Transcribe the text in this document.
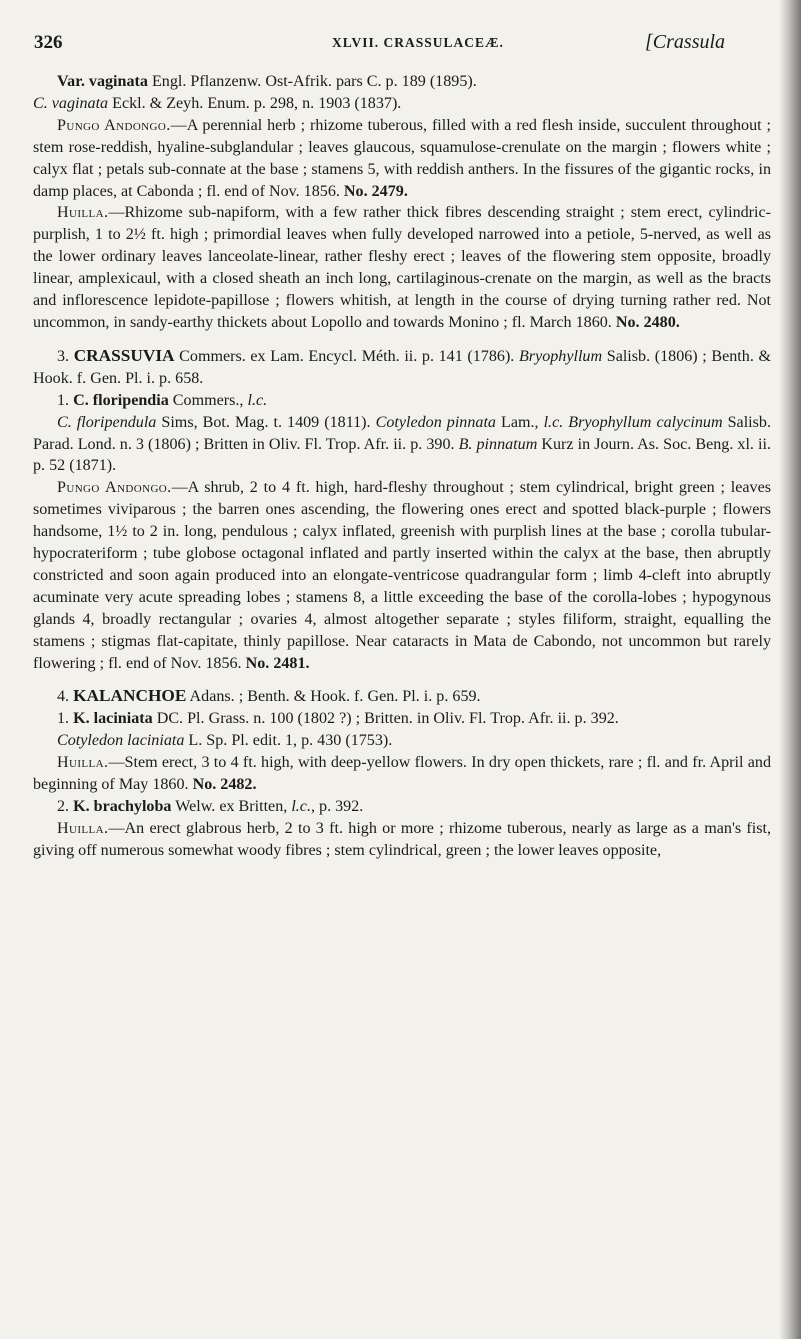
326	XLVII. CRASSULACEÆ.	[Crassula

Var. vaginata Engl. Pflanzenw. Ost-Afrik. pars C. p. 189 (1895).

C. vaginata Eckl. & Zeyh. Enum. p. 298, n. 1903 (1837).

Pungo Andongo.—A perennial herb ; rhizome tuberous, filled with a red flesh inside, succulent throughout ; stem rose-reddish, hyaline-subglandular ; leaves glaucous, squamulose-crenulate on the margin ; flowers white ; calyx flat ; petals sub-connate at the base ; stamens 5, with reddish anthers. In the fissures of the gigantic rocks, in damp places, at Cabonda ; fl. end of Nov. 1856. No. 2479.

Huilla.—Rhizome sub-napiform, with a few rather thick fibres descending straight ; stem erect, cylindric-purplish, 1 to 2½ ft. high ; primordial leaves when fully developed narrowed into a petiole, 5-nerved, as well as the lower ordinary leaves lanceolate-linear, rather fleshy erect ; leaves of the flowering stem opposite, broadly linear, amplexicaul, with a closed sheath an inch long, cartilaginous-crenate on the margin, as well as the bracts and inflorescence lepidote-papillose ; flowers whitish, at length in the course of drying turning rather red. Not uncommon, in sandy-earthy thickets about Lopollo and towards Monino ; fl. March 1860. No. 2480.

3. CRASSUVIA Commers. ex Lam. Encycl. Méth. ii. p. 141 (1786). Bryophyllum Salisb. (1806) ; Benth. & Hook. f. Gen. Pl. i. p. 658.

1. C. floripendia Commers., l.c.

C. floripendula Sims, Bot. Mag. t. 1409 (1811). Cotyledon pinnata Lam., l.c. Bryophyllum calycinum Salisb. Parad. Lond. n. 3 (1806) ; Britten in Oliv. Fl. Trop. Afr. ii. p. 390. B. pinnatum Kurz in Journ. As. Soc. Beng. xl. ii. p. 52 (1871).

Pungo Andongo.—A shrub, 2 to 4 ft. high, hard-fleshy throughout ; stem cylindrical, bright green ; leaves sometimes viviparous ; the barren ones ascending, the flowering ones erect and spotted black-purple ; flowers handsome, 1½ to 2 in. long, pendulous ; calyx inflated, greenish with purplish lines at the base ; corolla tubular-hypocrateriform ; tube globose octagonal inflated and partly inserted within the calyx at the base, then abruptly constricted and soon again produced into an elongate-ventricose quadrangular form ; limb 4-cleft into abruptly acuminate very acute spreading lobes ; stamens 8, a little exceeding the base of the corolla-lobes ; hypogynous glands 4, broadly rectangular ; ovaries 4, almost altogether separate ; styles filiform, straight, equalling the stamens ; stigmas flat-capitate, thinly papillose. Near cataracts in Mata de Cabondo, not uncommon but rarely flowering ; fl. end of Nov. 1856. No. 2481.

4. KALANCHOE Adans. ; Benth. & Hook. f. Gen. Pl. i. p. 659.

1. K. laciniata DC. Pl. Grass. n. 100 (1802 ?) ; Britten. in Oliv. Fl. Trop. Afr. ii. p. 392.

Cotyledon laciniata L. Sp. Pl. edit. 1, p. 430 (1753).

Huilla.—Stem erect, 3 to 4 ft. high, with deep-yellow flowers. In dry open thickets, rare ; fl. and fr. April and beginning of May 1860. No. 2482.

2. K. brachyloba Welw. ex Britten, l.c., p. 392.

Huilla.—An erect glabrous herb, 2 to 3 ft. high or more ; rhizome tuberous, nearly as large as a man's fist, giving off numerous somewhat woody fibres ; stem cylindrical, green ; the lower leaves opposite,
